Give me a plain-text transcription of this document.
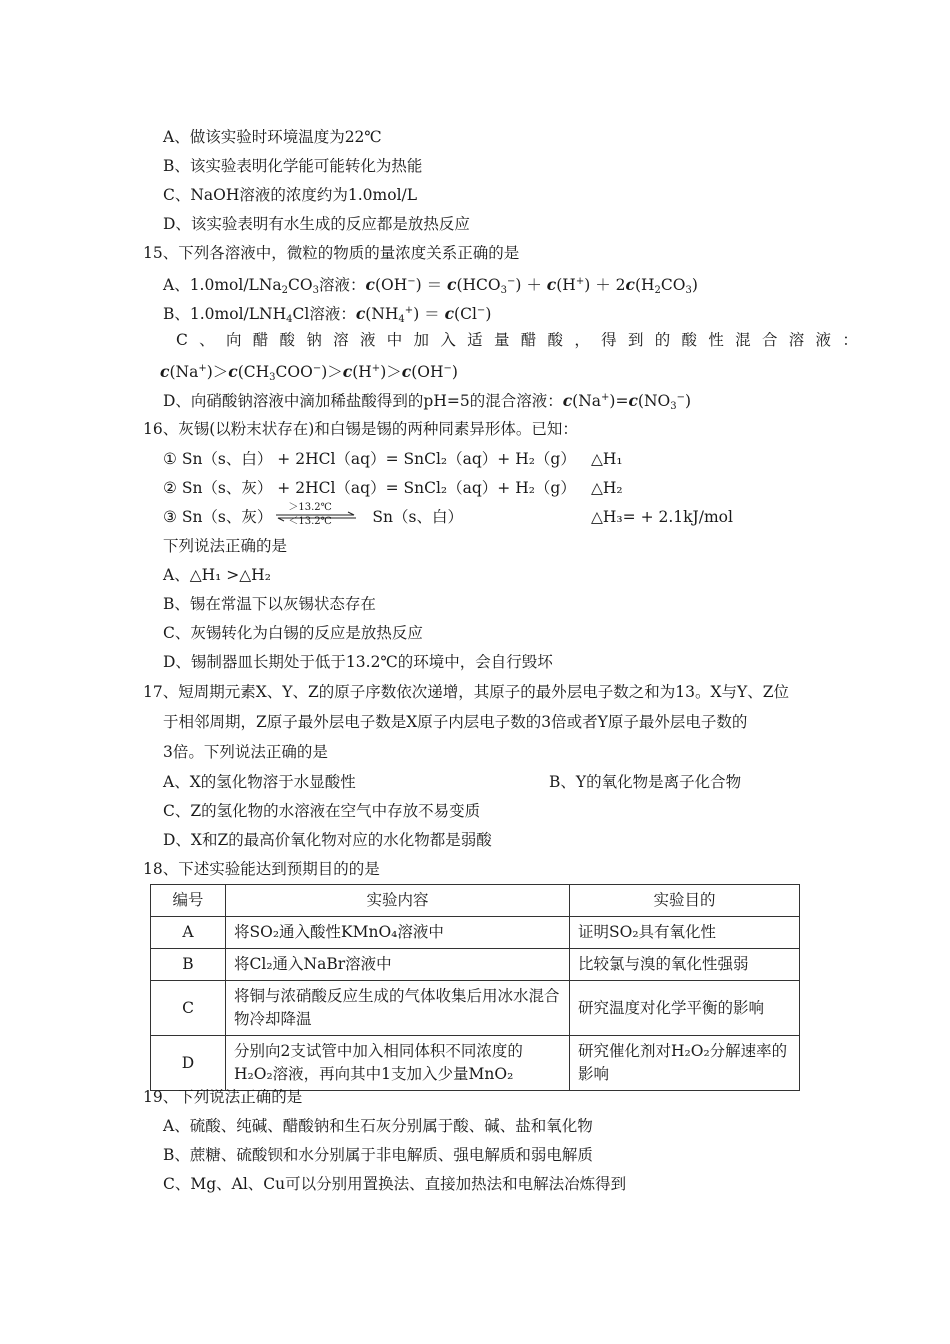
A、做该实验时环境温度为22℃
B、该实验表明化学能可能转化为热能
C、NaOH溶液的浓度约为1.0mol/L
D、该实验表明有水生成的反应都是放热反应
15、下列各溶液中，微粒的物质的量浓度关系正确的是
A、$1.0mol/LNa_2CO_3$溶液：$c(OH^-) = c(HCO_3^-) + c(H^+) + 2c(H_2CO_3)$
B、$1.0mol/LNH_4Cl$溶液：$c(NH_4^+) = c(Cl^-)$
C、向醋酸钠溶液中加入适量醋酸，得到的酸性混合溶液：
$c(Na^+)>c(CH_3COO^-)>c(H^+)>c(OH^-)$
D、向硝酸钠溶液中滴加稀盐酸得到的pH=5的混合溶液：$c(Na^+)=c(NO_3^-)$
16、灰锡(以粉末状存在)和白锡是锡的两种同素异形体。已知：
① Sn（s、白） + 2HCl（aq）= SnCl₂（aq）+ H₂（g） △H₁
② Sn（s、灰） + 2HCl（aq）= SnCl₂（aq）+ H₂（g） △H₂
③ Sn（s、灰）
＞13.2℃
＜13.2℃	Sn（s、白）	△H₃= + 2.1kJ/mol
下列说法正确的是
A、△H₁ >△H₂
B、锡在常温下以灰锡状态存在
C、灰锡转化为白锡的反应是放热反应
D、锡制器皿长期处于低于13.2℃的环境中，会自行毁坏
17、短周期元素X、Y、Z的原子序数依次递增，其原子的最外层电子数之和为13。X与Y、Z位
于相邻周期，Z原子最外层电子数是X原子内层电子数的3倍或者Y原子最外层电子数的
3倍。下列说法正确的是
A、X的氢化物溶于水显酸性	B、Y的氧化物是离子化合物
C、Z的氢化物的水溶液在空气中存放不易变质
D、X和Z的最高价氧化物对应的水化物都是弱酸
18、下述实验能达到预期目的的是
编号	实验内容	实验目的
A	将SO₂通入酸性KMnO₄溶液中	证明SO₂具有氧化性
B	将Cl₂通入NaBr溶液中	比较氯与溴的氧化性强弱
C	将铜与浓硝酸反应生成的气体收集后用冰水混合物冷却降温	研究温度对化学平衡的影响
D	分别向2支试管中加入相同体积不同浓度的H₂O₂溶液，再向其中1支加入少量MnO₂	研究催化剂对H₂O₂分解速率的影响
19、下列说法正确的是
A、硫酸、纯碱、醋酸钠和生石灰分别属于酸、碱、盐和氧化物
B、蔗糖、硫酸钡和水分别属于非电解质、强电解质和弱电解质
C、Mg、Al、Cu可以分别用置换法、直接加热法和电解法冶炼得到
